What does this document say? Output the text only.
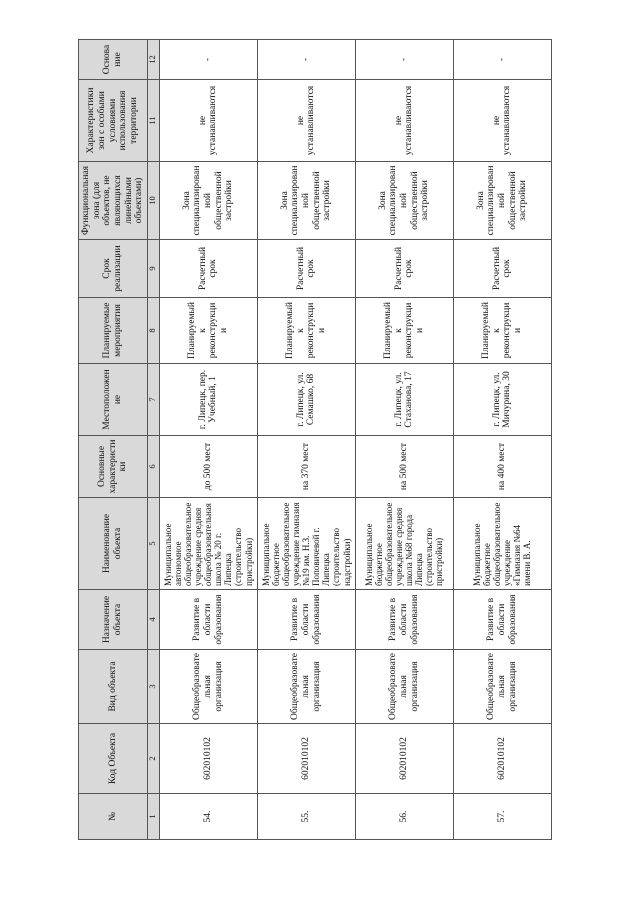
№	Код Объекта	Вид объекта	Назначение объекта	Наименование объекта	Основные характеристики	Местоположение	Планируемые мероприятия	Срок реализации	Функциональная зона (для объектов, не являющихся линейными объектами)	Характеристики зон с особыми условиями использования территории	Основание
1	2	3	4	5	6	7	8	9	10	11	12
54.	602010102	Общеобразовательная организация	Развитие в области образования	Муниципальное автономное общеобразовательное учреждение средняя общеобразовательная школа № 20 г. Липецка (строительство пристройки)	до 500 мест	г. Липецк, пер. Учебный, 1	Планируемый к реконструкции	Расчетный срок	Зона специализированной общественной застройки	не устанавливаются	-
55.	602010102	Общеобразовательная организация	Развитие в области образования	Муниципальное бюджетное общеобразовательное учреждение гимназия №19 им. Н.З. Поповичевой г. Липецка (строительство надстройки)	на 370 мест	г. Липецк, ул. Семашко, 68	Планируемый к реконструкции	Расчетный срок	Зона специализированной общественной застройки	не устанавливаются	-
56.	602010102	Общеобразовательная организация	Развитие в области образования	Муниципальное бюджетное общеобразовательное учреждение средняя школа №68 города Липецка (строительство пристройки)	на 500 мест	г. Липецк, ул. Стаханова, 17	Планируемый к реконструкции	Расчетный срок	Зона специализированной общественной застройки	не устанавливаются	-
57.	602010102	Общеобразовательная организация	Развитие в области образования	Муниципальное бюджетное общеобразовательное учреждение «Гимназия №64 имени В. А.	на 400 мест	г. Липецк, ул. Мичурина, 30	Планируемый к реконструкции	Расчетный срок	Зона специализированной общественной застройки	не устанавливаются	-
